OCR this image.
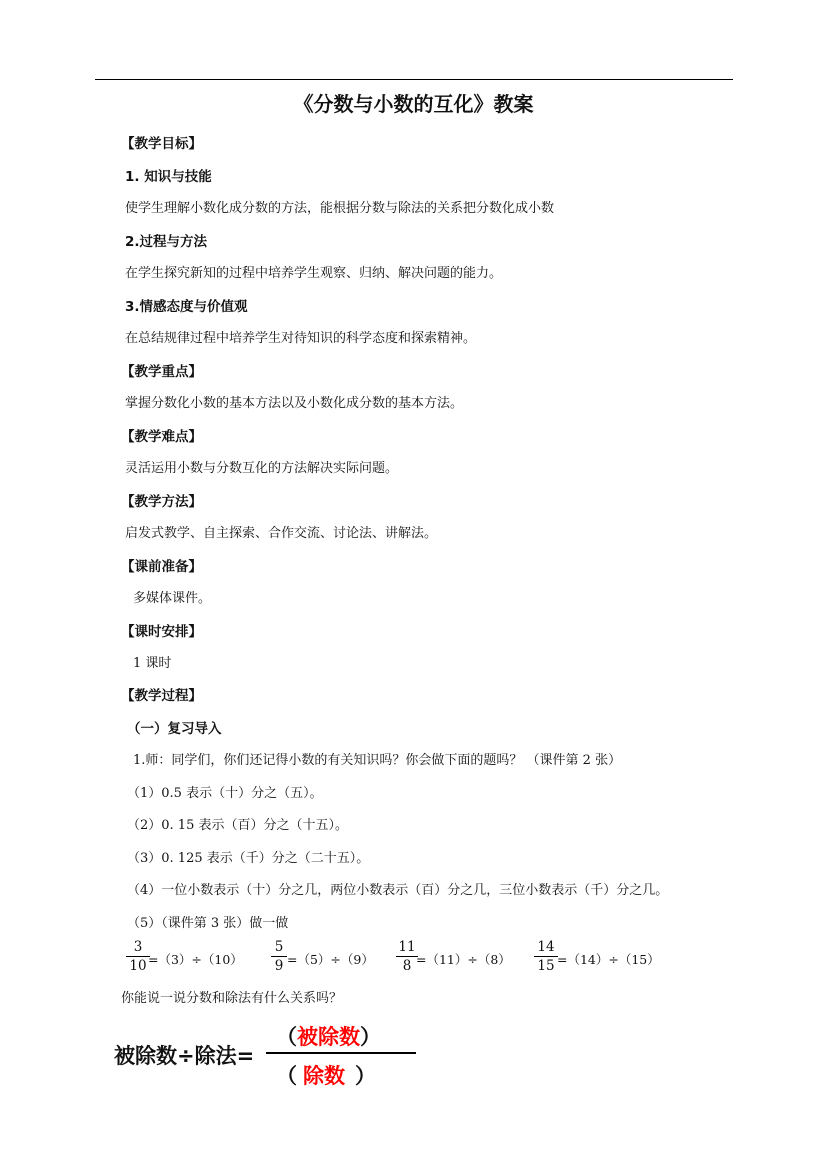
《分数与小数的互化》教案
【教学目标】
1. 知识与技能
使学生理解小数化成分数的方法，能根据分数与除法的关系把分数化成小数
2.过程与方法
在学生探究新知的过程中培养学生观察、归纳、解决问题的能力。
3.情感态度与价值观
在总结规律过程中培养学生对待知识的科学态度和探索精神。
【教学重点】
掌握分数化小数的基本方法以及小数化成分数的基本方法。
【教学难点】
灵活运用小数与分数互化的方法解决实际问题。
【教学方法】
启发式教学、自主探索、合作交流、讨论法、讲解法。
【课前准备】
多媒体课件。
【课时安排】
1 课时
【教学过程】
（一）复习导入
1.师：同学们，你们还记得小数的有关知识吗？你会做下面的题吗？ （课件第 2 张）
（1）0.5 表示（十）分之（五）。
（2）0. 15 表示（百）分之（十五）。
（3）0. 125 表示（千）分之（二十五）。
（4）一位小数表示（十）分之几，两位小数表示（百）分之几，三位小数表示（千）分之几。
（5）（课件第 3 张）做一做
3
10 =（3）÷（10）
5
9 =（5）÷（9）
11
8 =（11）÷（8）
14
15 =（14）÷（15）
你能说一说分数和除法有什么关系吗？
被除数÷除法=
（被除数）
（ 除数 ）
